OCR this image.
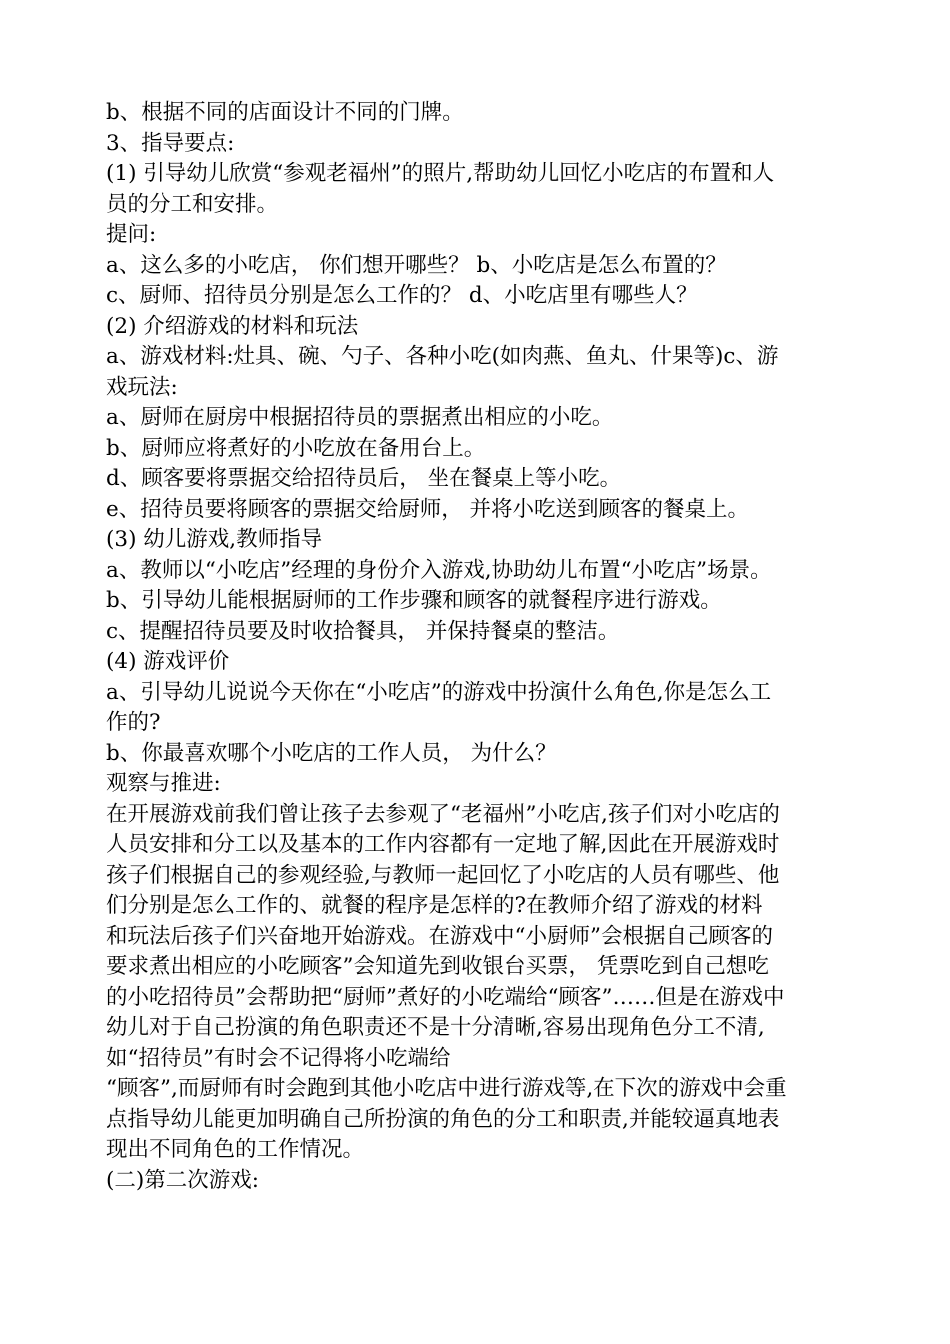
b、根据不同的店面设计不同的门牌。
3、指导要点:
(1) 引导幼儿欣赏“参观老福州”的照片,帮助幼儿回忆小吃店的布置和人
员的分工和安排。
提问:
a、这么多的小吃店， 你们想开哪些？ b、小吃店是怎么布置的？
c、厨师、招待员分别是怎么工作的？ d、小吃店里有哪些人？
(2) 介绍游戏的材料和玩法
a、游戏材料:灶具、碗、勺子、各种小吃(如肉燕、鱼丸、什果等)c、游
戏玩法:
a、厨师在厨房中根据招待员的票据煮出相应的小吃。
b、厨师应将煮好的小吃放在备用台上。
d、顾客要将票据交给招待员后， 坐在餐桌上等小吃。
e、招待员要将顾客的票据交给厨师， 并将小吃送到顾客的餐桌上。
(3) 幼儿游戏,教师指导
a、教师以“小吃店”经理的身份介入游戏,协助幼儿布置“小吃店”场景。
b、引导幼儿能根据厨师的工作步骤和顾客的就餐程序进行游戏。
c、提醒招待员要及时收拾餐具， 并保持餐桌的整洁。
(4) 游戏评价
a、引导幼儿说说今天你在“小吃店”的游戏中扮演什么角色,你是怎么工
作的?
b、你最喜欢哪个小吃店的工作人员， 为什么？
观察与推进:
在开展游戏前我们曾让孩子去参观了“老福州”小吃店,孩子们对小吃店的
人员安排和分工以及基本的工作内容都有一定地了解,因此在开展游戏时
孩子们根据自己的参观经验,与教师一起回忆了小吃店的人员有哪些、他
们分别是怎么工作的、就餐的程序是怎样的?在教师介绍了游戏的材料
和玩法后孩子们兴奋地开始游戏。在游戏中“小厨师”会根据自己顾客的
要求煮出相应的小吃顾客”会知道先到收银台买票， 凭票吃到自己想吃
的小吃招待员”会帮助把“厨师”煮好的小吃端给“顾客”……但是在游戏中
幼儿对于自己扮演的角色职责还不是十分清晰,容易出现角色分工不清,
如“招待员”有时会不记得将小吃端给
“顾客”,而厨师有时会跑到其他小吃店中进行游戏等,在下次的游戏中会重
点指导幼儿能更加明确自己所扮演的角色的分工和职责,并能较逼真地表
现出不同角色的工作情况。
(二)第二次游戏:
